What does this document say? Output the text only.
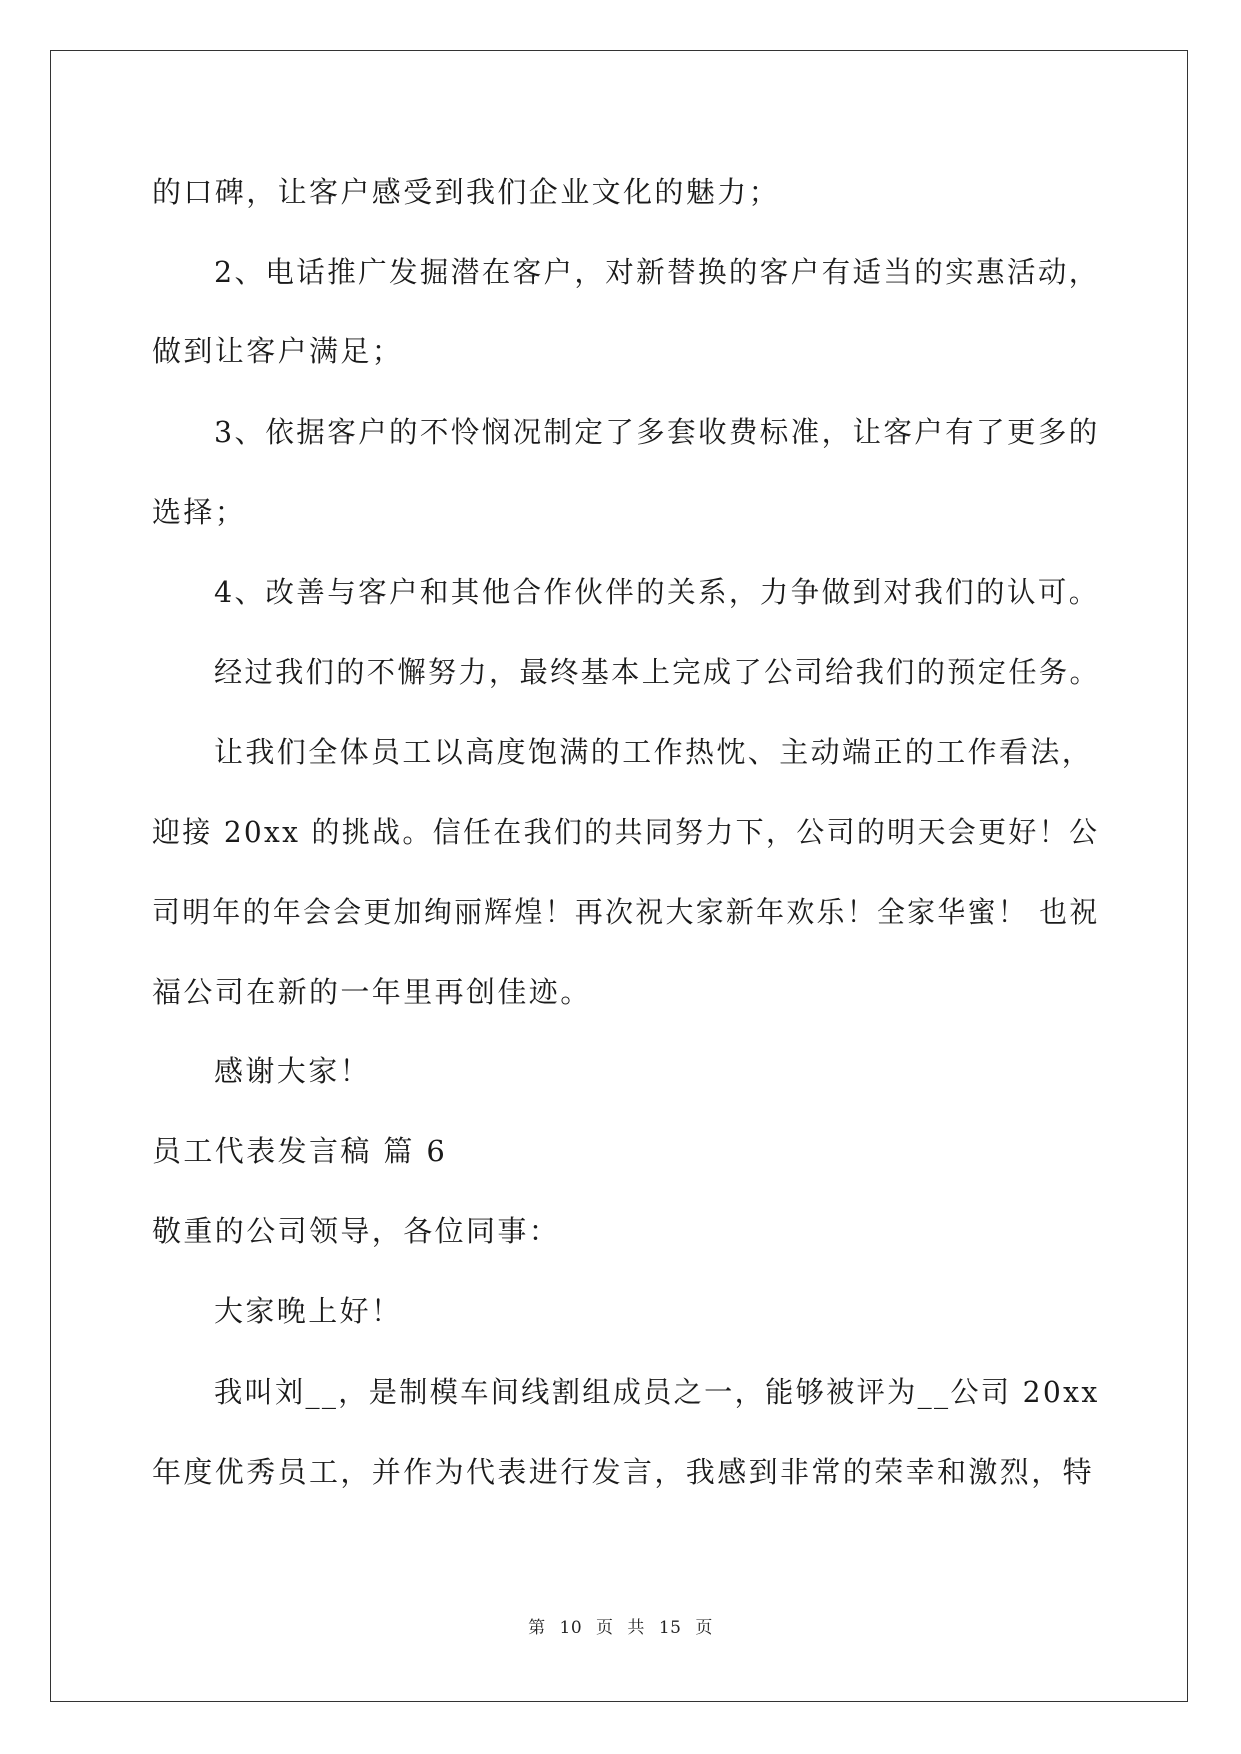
的口碑，让客户感受到我们企业文化的魅力；
2、电话推广发掘潜在客户，对新替换的客户有适当的实惠活动，
做到让客户满足；
3、依据客户的不怜悯况制定了多套收费标准，让客户有了更多的
选择；
4、改善与客户和其他合作伙伴的关系，力争做到对我们的认可。
经过我们的不懈努力，最终基本上完成了公司给我们的预定任务。
让我们全体员工以高度饱满的工作热忱、主动端正的工作看法，
迎接 20xx 的挑战。信任在我们的共同努力下，公司的明天会更好！公
司明年的年会会更加绚丽辉煌！再次祝大家新年欢乐！全家华蜜！ 也祝
福公司在新的一年里再创佳迹。
感谢大家！
员工代表发言稿 篇 6
敬重的公司领导，各位同事：
大家晚上好！
我叫刘__，是制模车间线割组成员之一，能够被评为__公司 20xx
年度优秀员工，并作为代表进行发言，我感到非常的荣幸和激烈，特
第 10 页 共 15 页
